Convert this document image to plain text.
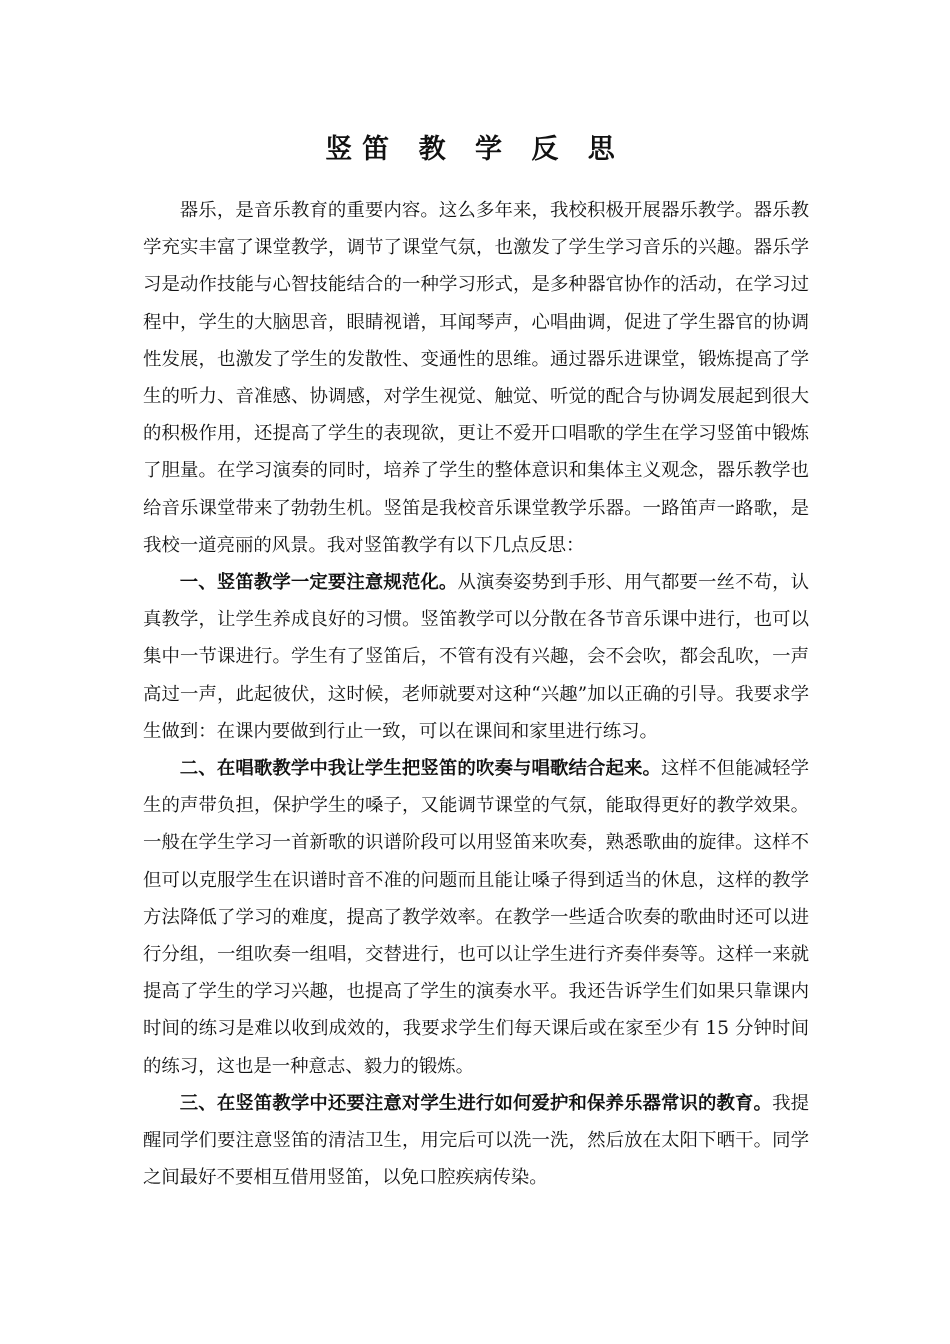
竖笛 教 学 反 思

器乐，是音乐教育的重要内容。这么多年来，我校积极开展器乐教学。器乐教学充实丰富了课堂教学，调节了课堂气氛，也激发了学生学习音乐的兴趣。器乐学习是动作技能与心智技能结合的一种学习形式，是多种器官协作的活动，在学习过程中，学生的大脑思音，眼睛视谱，耳闻琴声，心唱曲调，促进了学生器官的协调性发展，也激发了学生的发散性、变通性的思维。通过器乐进课堂，锻炼提高了学生的听力、音准感、协调感，对学生视觉、触觉、听觉的配合与协调发展起到很大的积极作用，还提高了学生的表现欲，更让不爱开口唱歌的学生在学习竖笛中锻炼了胆量。在学习演奏的同时，培养了学生的整体意识和集体主义观念，器乐教学也给音乐课堂带来了勃勃生机。竖笛是我校音乐课堂教学乐器。一路笛声一路歌，是我校一道亮丽的风景。我对竖笛教学有以下几点反思：

一、竖笛教学一定要注意规范化。从演奏姿势到手形、用气都要一丝不苟，认真教学，让学生养成良好的习惯。竖笛教学可以分散在各节音乐课中进行，也可以集中一节课进行。学生有了竖笛后，不管有没有兴趣，会不会吹，都会乱吹，一声高过一声，此起彼伏，这时候，老师就要对这种“兴趣”加以正确的引导。我要求学生做到：在课内要做到行止一致，可以在课间和家里进行练习。

二、在唱歌教学中我让学生把竖笛的吹奏与唱歌结合起来。这样不但能减轻学生的声带负担，保护学生的嗓子，又能调节课堂的气氛，能取得更好的教学效果。一般在学生学习一首新歌的识谱阶段可以用竖笛来吹奏，熟悉歌曲的旋律。这样不但可以克服学生在识谱时音不准的问题而且能让嗓子得到适当的休息，这样的教学方法降低了学习的难度，提高了教学效率。在教学一些适合吹奏的歌曲时还可以进行分组，一组吹奏一组唱，交替进行，也可以让学生进行齐奏伴奏等。这样一来就提高了学生的学习兴趣，也提高了学生的演奏水平。我还告诉学生们如果只靠课内时间的练习是难以收到成效的，我要求学生们每天课后或在家至少有 15 分钟时间的练习，这也是一种意志、毅力的锻炼。

三、在竖笛教学中还要注意对学生进行如何爱护和保养乐器常识的教育。我提醒同学们要注意竖笛的清洁卫生，用完后可以洗一洗，然后放在太阳下晒干。同学之间最好不要相互借用竖笛，以免口腔疾病传染。
